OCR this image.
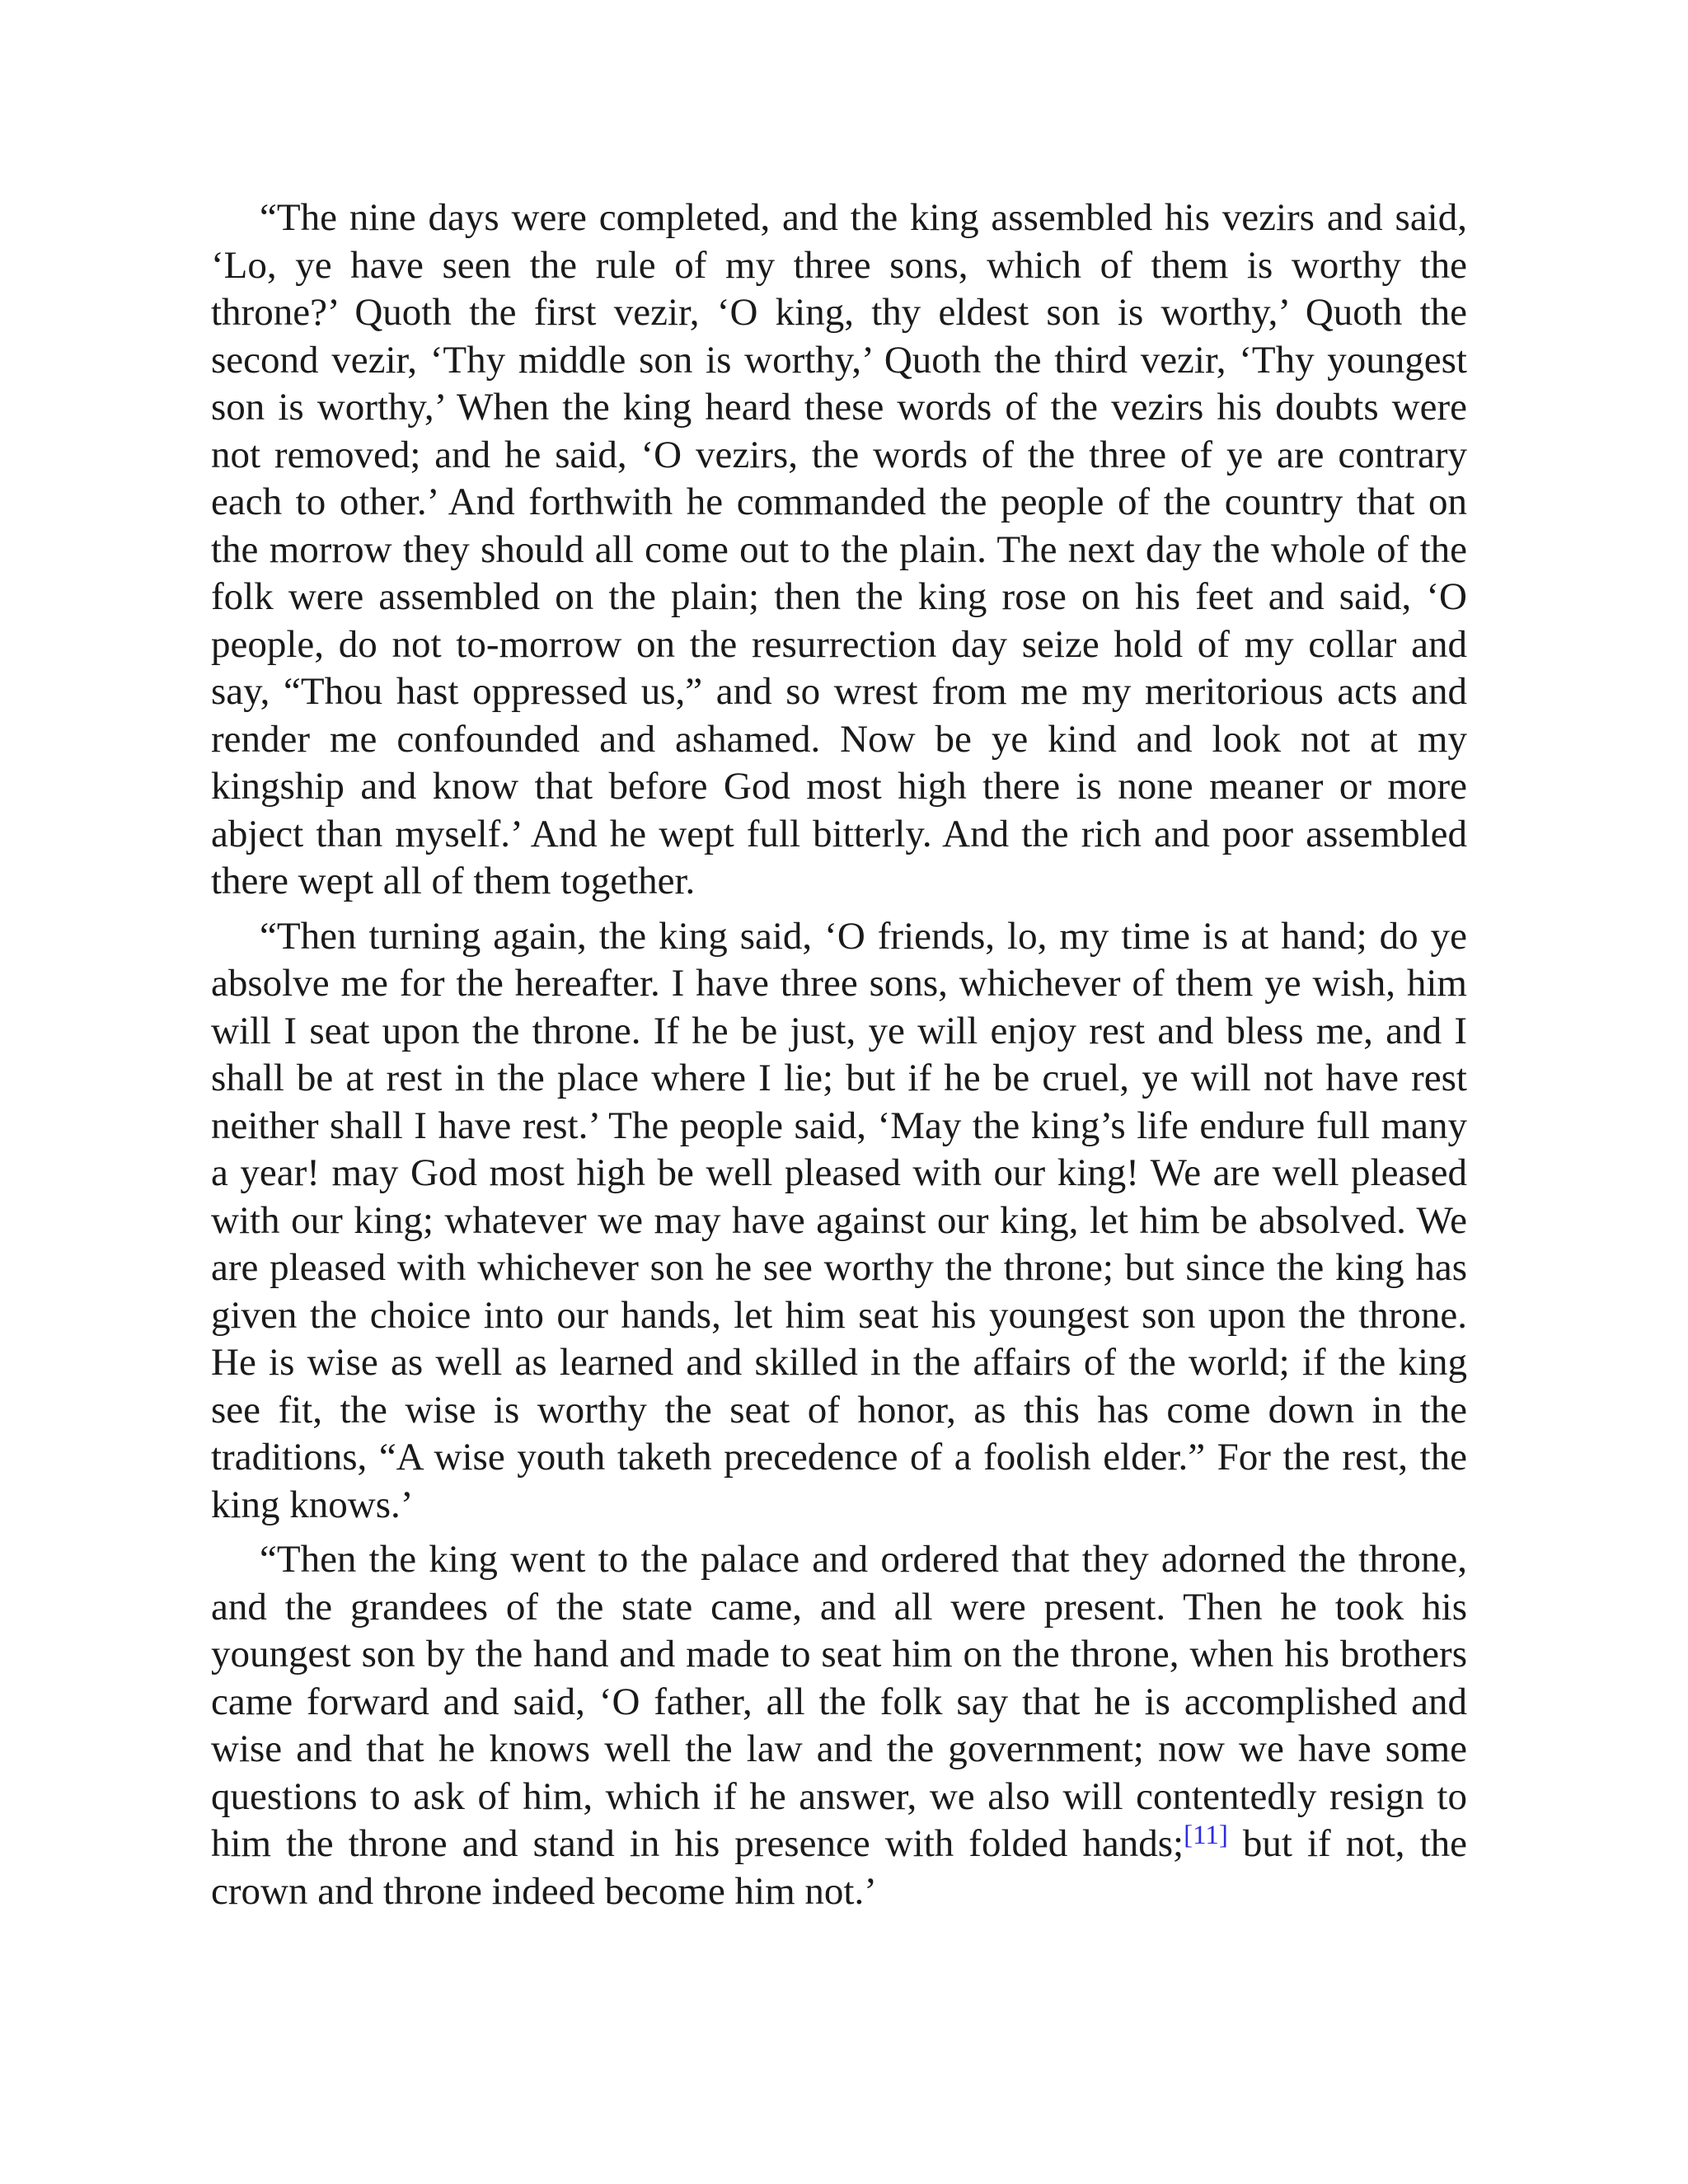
“The nine days were completed, and the king assembled his vezirs and said, ‘Lo, ye have seen the rule of my three sons, which of them is worthy the throne?’ Quoth the first vezir, ‘O king, thy eldest son is worthy,’ Quoth the second vezir, ‘Thy middle son is worthy,’ Quoth the third vezir, ‘Thy youngest son is worthy,’ When the king heard these words of the vezirs his doubts were not removed; and he said, ‘O vezirs, the words of the three of ye are contrary each to other.’ And forthwith he commanded the people of the country that on the morrow they should all come out to the plain. The next day the whole of the folk were assembled on the plain; then the king rose on his feet and said, ‘O people, do not to-morrow on the resurrection day seize hold of my collar and say, “Thou hast oppressed us,” and so wrest from me my meritorious acts and render me confounded and ashamed. Now be ye kind and look not at my kingship and know that before God most high there is none meaner or more abject than myself.’ And he wept full bitterly. And the rich and poor assembled there wept all of them together.

“Then turning again, the king said, ‘O friends, lo, my time is at hand; do ye absolve me for the hereafter. I have three sons, whichever of them ye wish, him will I seat upon the throne. If he be just, ye will enjoy rest and bless me, and I shall be at rest in the place where I lie; but if he be cruel, ye will not have rest neither shall I have rest.’ The people said, ‘May the king’s life endure full many a year! may God most high be well pleased with our king! We are well pleased with our king; whatever we may have against our king, let him be absolved. We are pleased with whichever son he see worthy the throne; but since the king has given the choice into our hands, let him seat his youngest son upon the throne. He is wise as well as learned and skilled in the affairs of the world; if the king see fit, the wise is worthy the seat of honor, as this has come down in the traditions, “A wise youth taketh precedence of a foolish elder.” For the rest, the king knows.’

“Then the king went to the palace and ordered that they adorned the throne, and the grandees of the state came, and all were present. Then he took his youngest son by the hand and made to seat him on the throne, when his brothers came forward and said, ‘O father, all the folk say that he is accomplished and wise and that he knows well the law and the government; now we have some questions to ask of him, which if he answer, we also will contentedly resign to him the throne and stand in his presence with folded hands;[11] but if not, the crown and throne indeed become him not.’
